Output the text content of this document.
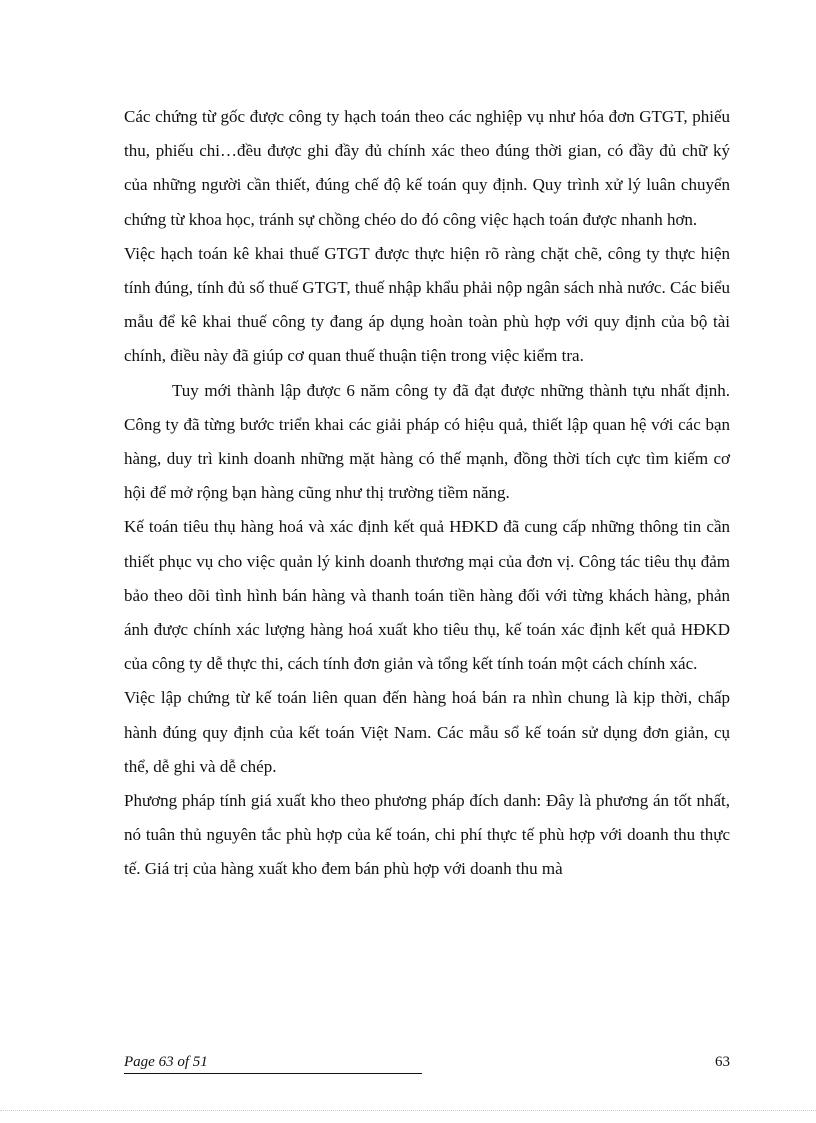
Các chứng từ gốc được công ty hạch toán theo các nghiệp vụ như hóa đơn GTGT, phiếu thu, phiếu chi…đều được ghi đầy đủ chính xác theo đúng thời gian, có đầy đủ chữ ký của những người cần thiết, đúng chế độ kế toán quy định. Quy trình xử lý luân chuyển chứng từ khoa học, tránh sự chồng chéo do đó công việc hạch toán được nhanh hơn.

Việc hạch toán kê khai thuế GTGT được thực hiện rõ ràng chặt chẽ, công ty thực hiện tính đúng, tính đủ số thuế GTGT, thuế nhập khẩu phải nộp ngân sách nhà nước. Các biểu mẫu để kê khai thuế công ty đang áp dụng hoàn toàn phù hợp với quy định của bộ tài chính, điều này đã giúp cơ quan thuế thuận tiện trong việc kiểm tra.

Tuy mới thành lập được 6 năm công ty đã đạt được những thành tựu nhất định. Công ty đã từng bước triển khai các giải pháp có hiệu quả, thiết lập quan hệ với các bạn hàng, duy trì kinh doanh những mặt hàng có thế mạnh, đồng thời tích cực tìm kiếm cơ hội để mở rộng bạn hàng cũng như thị trường tiềm năng.

Kế toán tiêu thụ hàng hoá và xác định kết quả HĐKD đã cung cấp những thông tin cần thiết phục vụ cho việc quản lý kinh doanh thương mại của đơn vị. Công tác tiêu thụ đảm bảo theo dõi tình hình bán hàng và thanh toán tiền hàng đối với từng khách hàng, phản ánh được chính xác lượng hàng hoá xuất kho tiêu thụ, kế toán xác định kết quả HĐKD của công ty dễ thực thi, cách tính đơn giản và tổng kết tính toán một cách chính xác.

Việc lập chứng từ kế toán liên quan đến hàng hoá bán ra nhìn chung là kịp thời, chấp hành đúng quy định của kết toán Việt Nam. Các mẫu sổ kế toán sử dụng đơn giản, cụ thể, dễ ghi và dễ chép.

Phương pháp tính giá xuất kho theo phương pháp đích danh: Đây là phương án tốt nhất, nó tuân thủ nguyên tắc phù hợp của kế toán, chi phí thực tế phù hợp với doanh thu thực tế. Giá trị của hàng xuất kho đem bán phù hợp với doanh thu mà

Page 63 of 51	63
